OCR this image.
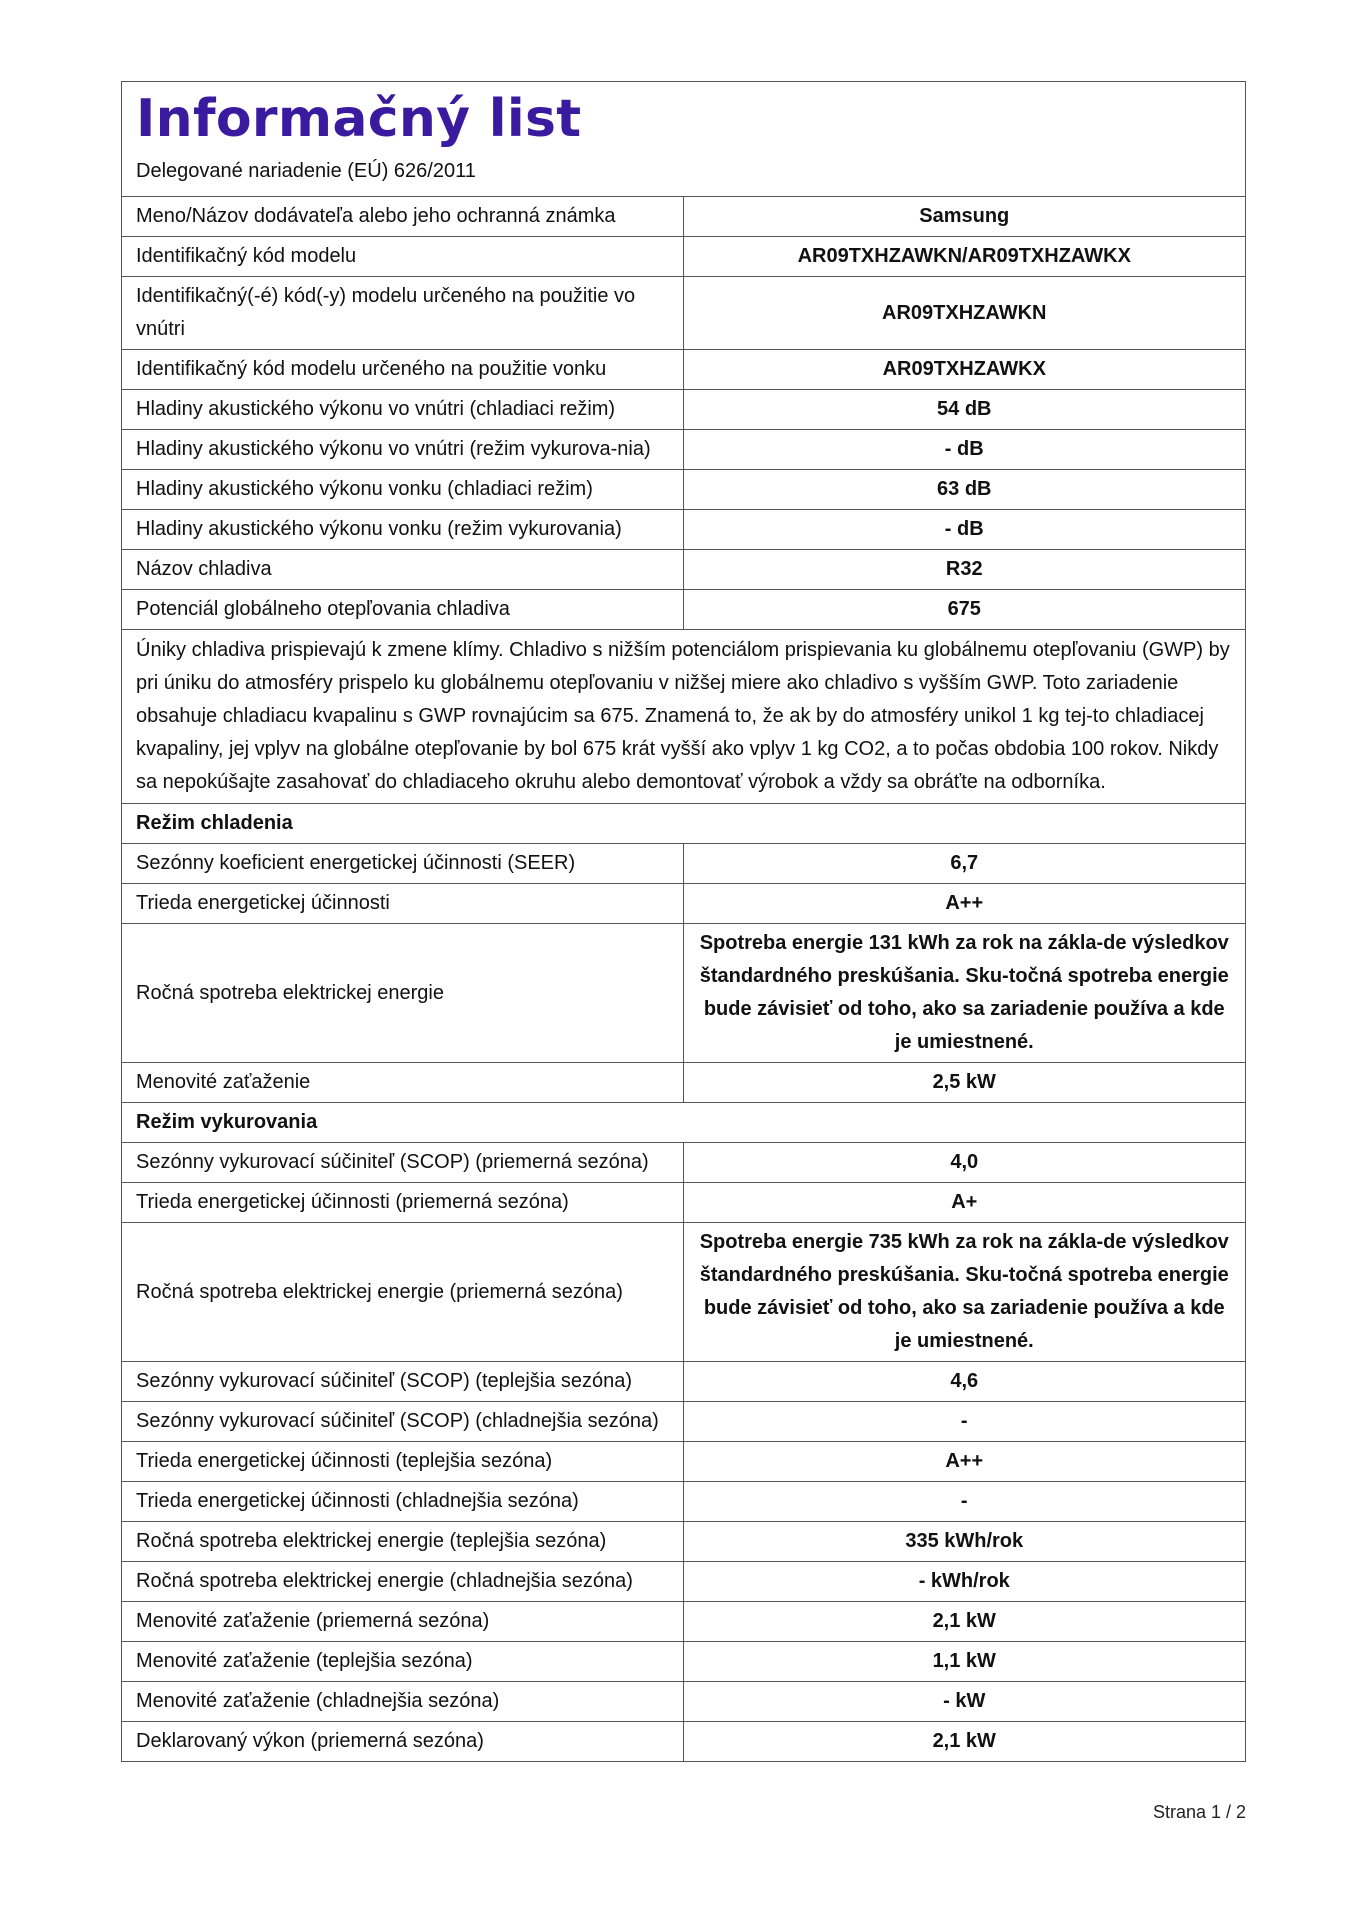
Informačný list
Delegované nariadenie (EÚ) 626/2011
Meno/Názov dodávateľa alebo jeho ochranná známka	Samsung
Identifikačný kód modelu	AR09TXHZAWKN/AR09TXHZAWKX
Identifikačný(-é) kód(-y) modelu určeného na použitie vo vnútri	AR09TXHZAWKN
Identifikačný kód modelu určeného na použitie vonku	AR09TXHZAWKX
Hladiny akustického výkonu vo vnútri (chladiaci režim)	54 dB
Hladiny akustického výkonu vo vnútri (režim vykurova-nia)	- dB
Hladiny akustického výkonu vonku (chladiaci režim)	63 dB
Hladiny akustického výkonu vonku (režim vykurovania)	- dB
Názov chladiva	R32
Potenciál globálneho otepľovania chladiva	675
Úniky chladiva prispievajú k zmene klímy. Chladivo s nižším potenciálom prispievania ku globálnemu otepľovaniu (GWP) by pri úniku do atmosféry prispelo ku globálnemu otepľovaniu v nižšej miere ako chladivo s vyšším GWP. Toto zariadenie obsahuje chladiacu kvapalinu s GWP rovnajúcim sa 675. Znamená to, že ak by do atmosféry unikol 1 kg tej-to chladiacej kvapaliny, jej vplyv na globálne otepľovanie by bol 675 krát vyšší ako vplyv 1 kg CO2, a to počas obdobia 100 rokov. Nikdy sa nepokúšajte zasahovať do chladiaceho okruhu alebo demontovať výrobok a vždy sa obráťte na odborníka.	
Režim chladenia	
Sezónny koeficient energetickej účinnosti (SEER)	6,7
Trieda energetickej účinnosti	A++
Ročná spotreba elektrickej energie	Spotreba energie 131 kWh za rok na zákla-de výsledkov štandardného preskúšania. Sku-točná spotreba energie bude závisieť od toho, ako sa zariadenie používa a kde je umiestnené.
Menovité zaťaženie	2,5 kW
Režim vykurovania	
Sezónny vykurovací súčiniteľ (SCOP) (priemerná sezóna)	4,0
Trieda energetickej účinnosti (priemerná sezóna)	A+
Ročná spotreba elektrickej energie (priemerná sezóna)	Spotreba energie 735 kWh za rok na zákla-de výsledkov štandardného preskúšania. Sku-točná spotreba energie bude závisieť od toho, ako sa zariadenie používa a kde je umiestnené.
Sezónny vykurovací súčiniteľ (SCOP) (teplejšia sezóna)	4,6
Sezónny vykurovací súčiniteľ (SCOP) (chladnejšia sezóna)	-
Trieda energetickej účinnosti (teplejšia sezóna)	A++
Trieda energetickej účinnosti (chladnejšia sezóna)	-
Ročná spotreba elektrickej energie (teplejšia sezóna)	335 kWh/rok
Ročná spotreba elektrickej energie (chladnejšia sezóna)	- kWh/rok
Menovité zaťaženie (priemerná sezóna)	2,1 kW
Menovité zaťaženie (teplejšia sezóna)	1,1 kW
Menovité zaťaženie (chladnejšia sezóna)	- kW
Deklarovaný výkon (priemerná sezóna)	2,1 kW
Strana 1 / 2
